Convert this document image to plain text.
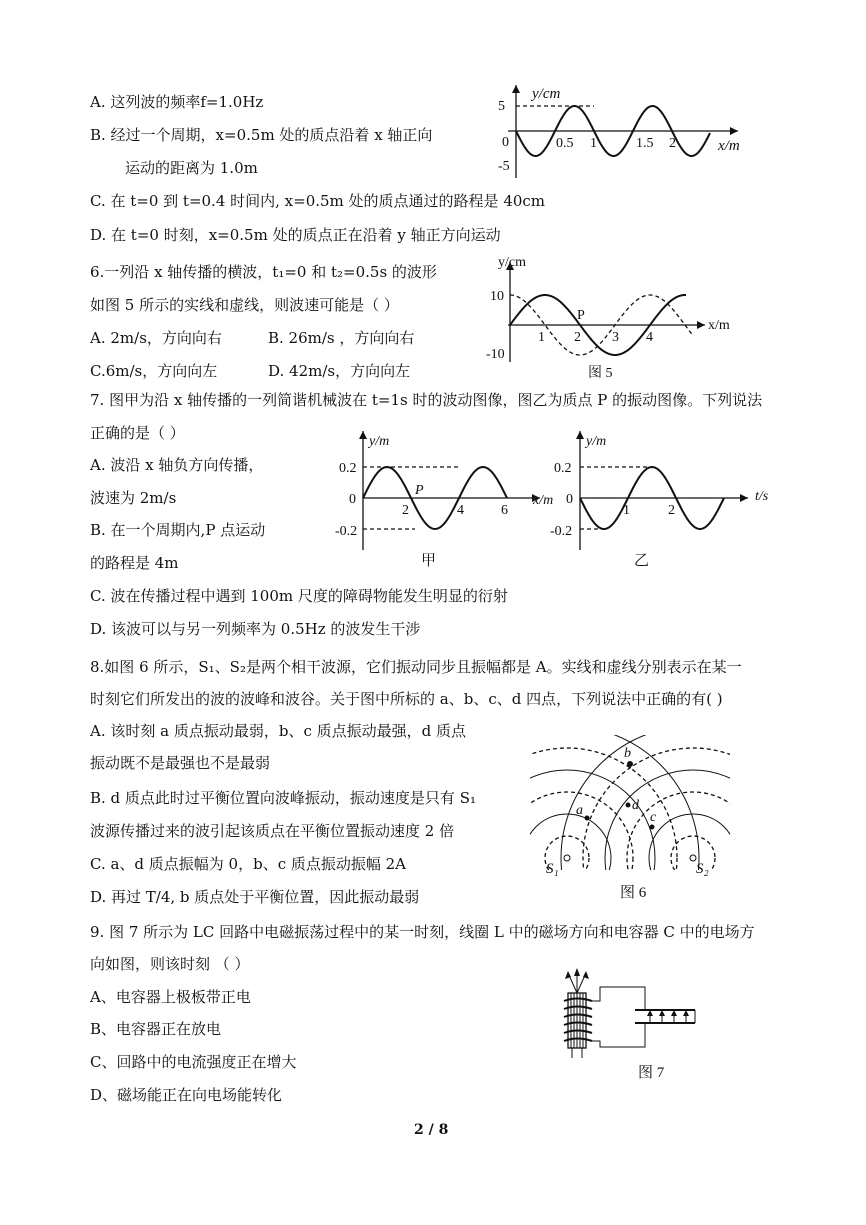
A. 这列波的频率f=1.0Hz
B. 经过一个周期，x=0.5m 处的质点沿着 x 轴正向
运动的距离为 1.0m
C. 在 t=0 到 t=0.4 时间内, x=0.5m 处的质点通过的路程是 40cm
D. 在 t=0 时刻，x=0.5m 处的质点正在沿着 y 轴正方向运动
y/cm
5
-5
0	0.5 1	1.5 2	x/m
6.一列沿 x 轴传播的横波，t₁=0 和 t₂=0.5s 的波形
如图 5 所示的实线和虚线，则波速可能是（ ）
A. 2m/s，方向向右	B. 26m/s ，方向向右
C.6m/s，方向向左	D. 42m/s，方向向左
y/cm
10
-10
P
1 2 3 4
x/m
图 5
7. 图甲为沿 x 轴传播的一列简谐机械波在 t=1s 时的波动图像，图乙为质点 P 的振动图像。下列说法
正确的是（ ）
A. 波沿 x 轴负方向传播，
波速为 2m/s
B. 在一个周期内,P 点运动
的路程是 4m
C. 波在传播过程中遇到 100m 尺度的障碍物能发生明显的衍射
D. 该波可以与另一列频率为 0.5Hz 的波发生干涉
y/m
0.2
0
-0.2
P
2	4	6
x/m
甲
y/m
0.2
0
-0.2
1	2
t/s
乙
8.如图 6 所示，S₁、S₂是两个相干波源，它们振动同步且振幅都是 A。实线和虚线分别表示在某一
时刻它们所发出的波的波峰和波谷。关于图中所标的 a、b、c、d 四点，下列说法中正确的有( )
A. 该时刻 a 质点振动最弱，b、c 质点振动最强，d 质点
振动既不是最强也不是最弱
B. d 质点此时过平衡位置向波峰振动，振动速度是只有 S₁
波源传播过来的波引起该质点在平衡位置振动速度 2 倍
C. a、d 质点振幅为 0，b、c 质点振动振幅 2A
D. 再过 T/4, b 质点处于平衡位置，因此振动最弱
b
a	d
c
S₁	S₂
图 6
9. 图 7 所示为 LC 回路中电磁振荡过程中的某一时刻，线圈 L 中的磁场方向和电容器 C 中的电场方
向如图，则该时刻 （ ）
A、电容器上极板带正电
B、电容器正在放电
C、回路中的电流强度正在增大
D、磁场能正在向电场能转化
图 7
2 / 8
